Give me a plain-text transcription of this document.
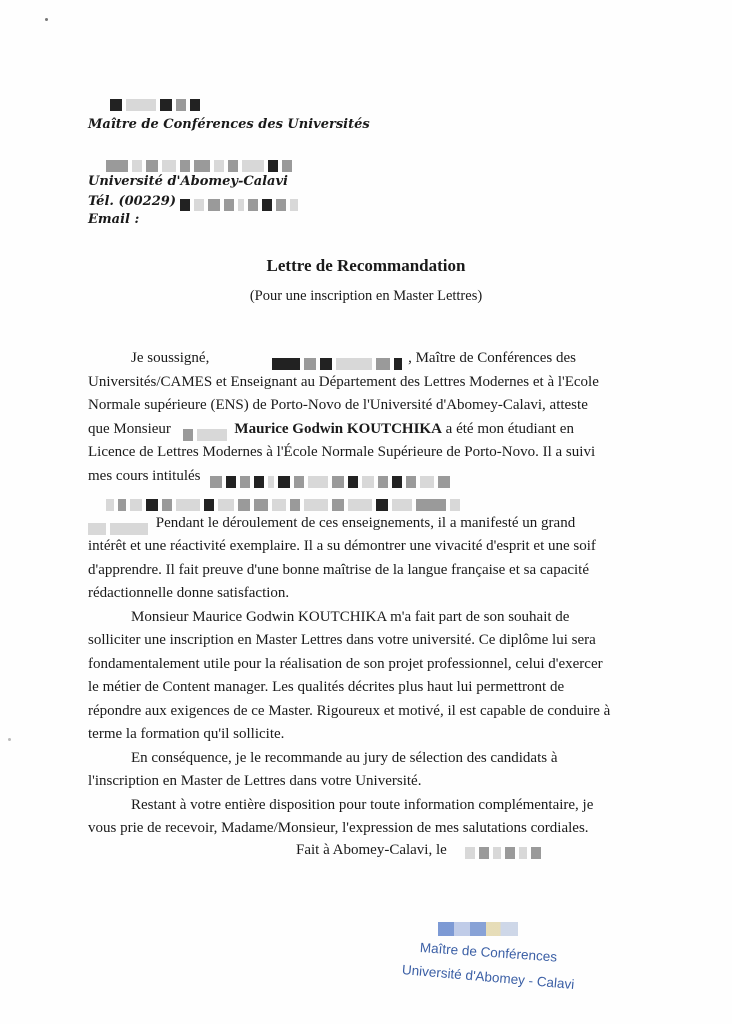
Maître de Conférences des Universités
Université d'Abomey-Calavi
Tél. (00229)
Email :
Lettre de Recommandation
(Pour une inscription en Master Lettres)

Je soussigné,	, Maître de Conférences des
Universités/CAMES et Enseignant au Département des Lettres Modernes et à l'Ecole
Normale supérieure (ENS) de Porto-Novo de l'Université d'Abomey-Calavi, atteste
que Monsieur	Maurice Godwin KOUTCHIKA a été mon étudiant en
Licence de Lettres Modernes à l'École Normale Supérieure de Porto-Novo. Il a suivi
mes cours intitulés
Pendant le déroulement de ces enseignements, il a manifesté un grand
intérêt et une réactivité exemplaire. Il a su démontrer une vivacité d'esprit et une soif
d'apprendre. Il fait preuve d'une bonne maîtrise de la langue française et sa capacité
rédactionnelle donne satisfaction.

Monsieur Maurice Godwin KOUTCHIKA m'a fait part de son souhait de
solliciter une inscription en Master Lettres dans votre université. Ce diplôme lui sera
fondamentalement utile pour la réalisation de son projet professionnel, celui d'exercer
le métier de Content manager. Les qualités décrites plus haut lui permettront de
répondre aux exigences de ce Master. Rigoureux et motivé, il est capable de conduire à
terme la formation qu'il sollicite.

En conséquence, je le recommande au jury de sélection des candidats à
l'inscription en Master de Lettres dans votre Université.

Restant à votre entière disposition pour toute information complémentaire, je
vous prie de recevoir, Madame/Monsieur, l'expression de mes salutations cordiales.

Fait à Abomey-Calavi, le
Maître de Conférences
Université d'Abomey - Calavi
